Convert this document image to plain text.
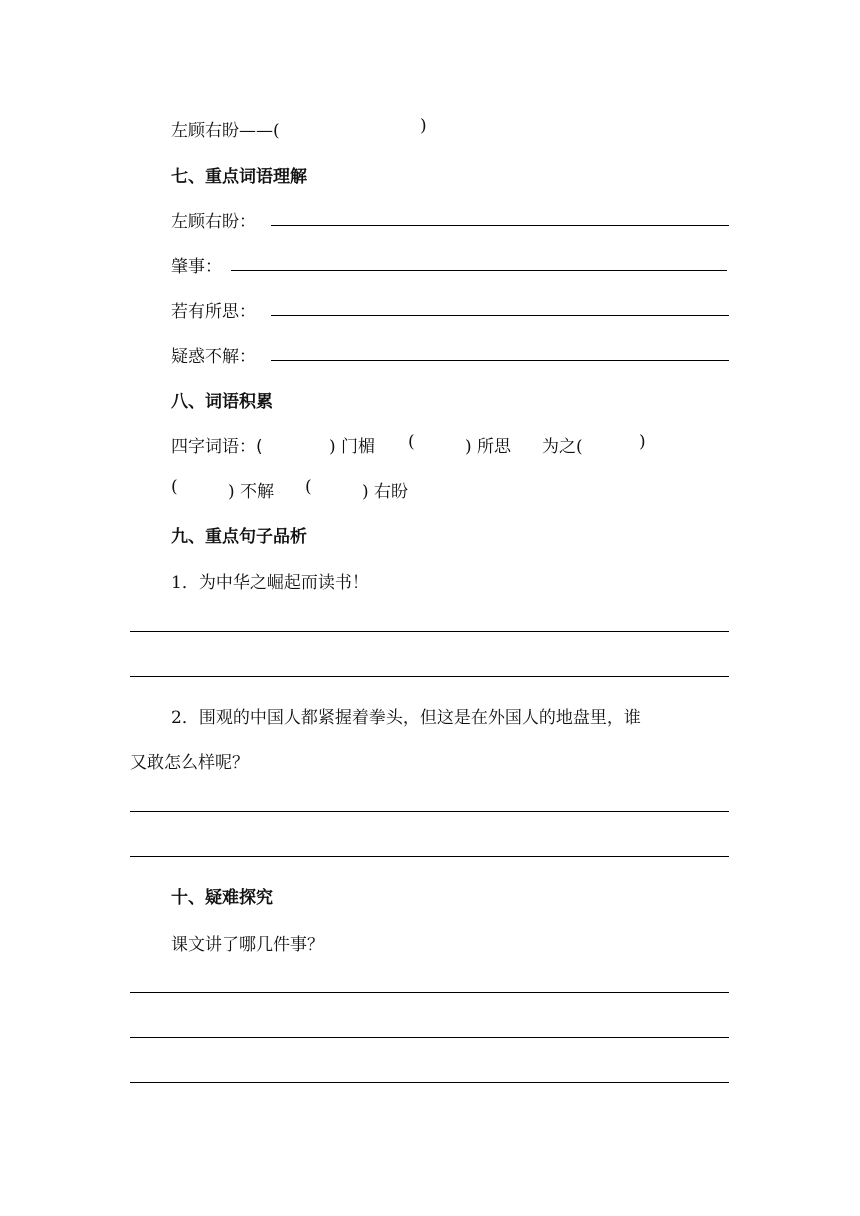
左顾右盼——(	)
七、重点词语理解
左顾右盼：
肇事：
若有所思：
疑惑不解：
八、词语积累
四字词语：(	) 门楣 (	) 所思 为之(	)
(	) 不解 (	) 右盼
九、重点句子品析
1．为中华之崛起而读书！
2．围观的中国人都紧握着拳头，但这是在外国人的地盘里，谁
又敢怎么样呢？
十、疑难探究
课文讲了哪几件事？
